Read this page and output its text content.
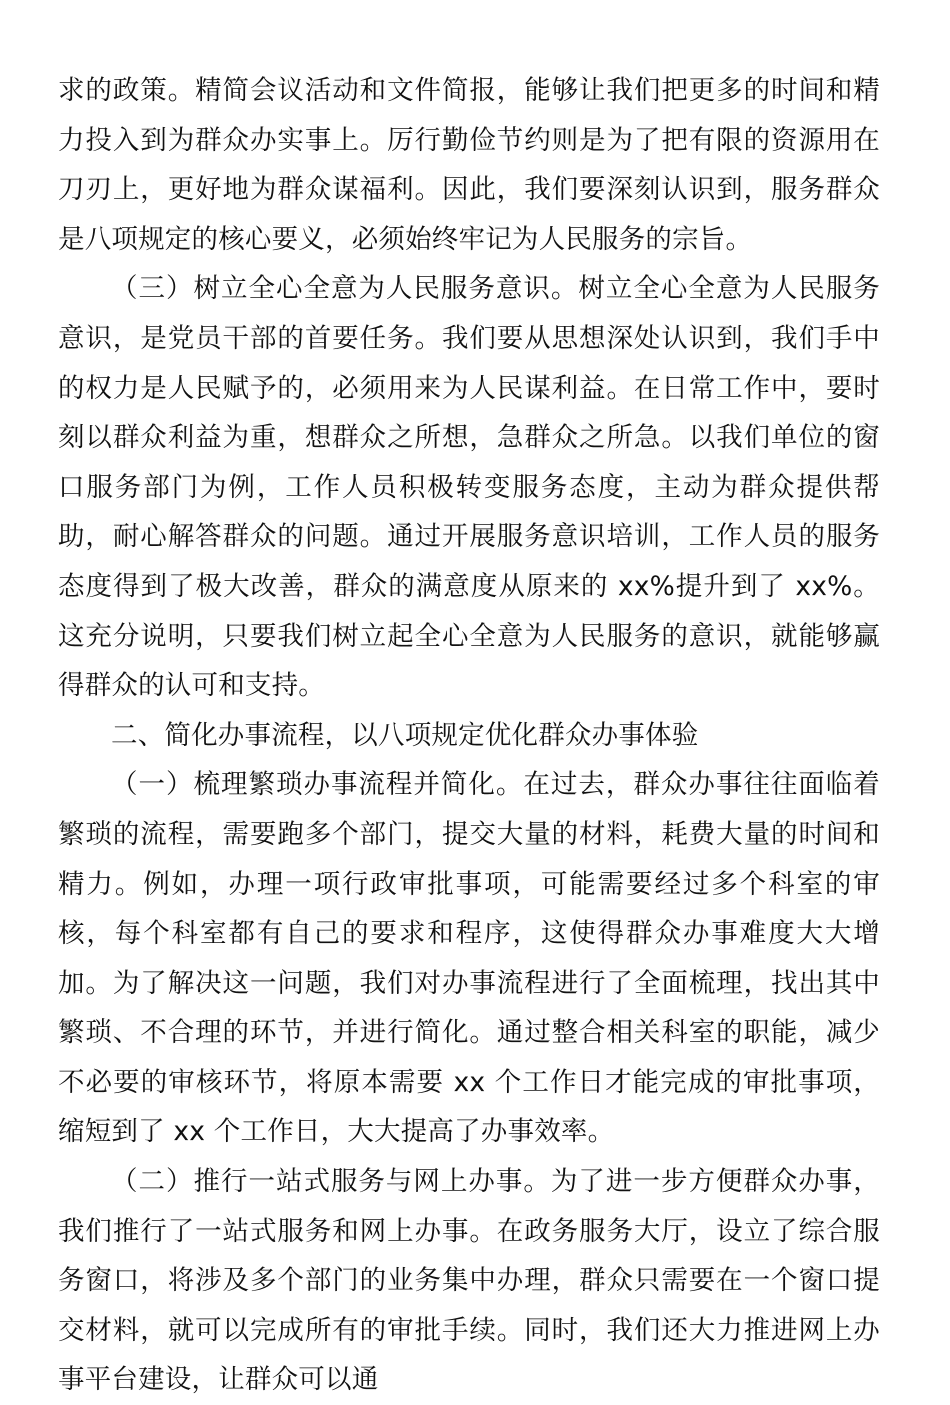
求的政策。精简会议活动和文件简报，能够让我们把更多的时间和精力投入到为群众办实事上。厉行勤俭节约则是为了把有限的资源用在刀刃上，更好地为群众谋福利。因此，我们要深刻认识到，服务群众是八项规定的核心要义，必须始终牢记为人民服务的宗旨。

（三）树立全心全意为人民服务意识。树立全心全意为人民服务意识，是党员干部的首要任务。我们要从思想深处认识到，我们手中的权力是人民赋予的，必须用来为人民谋利益。在日常工作中，要时刻以群众利益为重，想群众之所想，急群众之所急。以我们单位的窗口服务部门为例，工作人员积极转变服务态度，主动为群众提供帮助，耐心解答群众的问题。通过开展服务意识培训，工作人员的服务态度得到了极大改善，群众的满意度从原来的 xx%提升到了 xx%。这充分说明，只要我们树立起全心全意为人民服务的意识，就能够赢得群众的认可和支持。

二、简化办事流程，以八项规定优化群众办事体验

（一）梳理繁琐办事流程并简化。在过去，群众办事往往面临着繁琐的流程，需要跑多个部门，提交大量的材料，耗费大量的时间和精力。例如，办理一项行政审批事项，可能需要经过多个科室的审核，每个科室都有自己的要求和程序，这使得群众办事难度大大增加。为了解决这一问题，我们对办事流程进行了全面梳理，找出其中繁琐、不合理的环节，并进行简化。通过整合相关科室的职能，减少不必要的审核环节，将原本需要 xx 个工作日才能完成的审批事项，缩短到了 xx 个工作日，大大提高了办事效率。

（二）推行一站式服务与网上办事。为了进一步方便群众办事，我们推行了一站式服务和网上办事。在政务服务大厅，设立了综合服务窗口，将涉及多个部门的业务集中办理，群众只需要在一个窗口提交材料，就可以完成所有的审批手续。同时，我们还大力推进网上办事平台建设，让群众可以通
